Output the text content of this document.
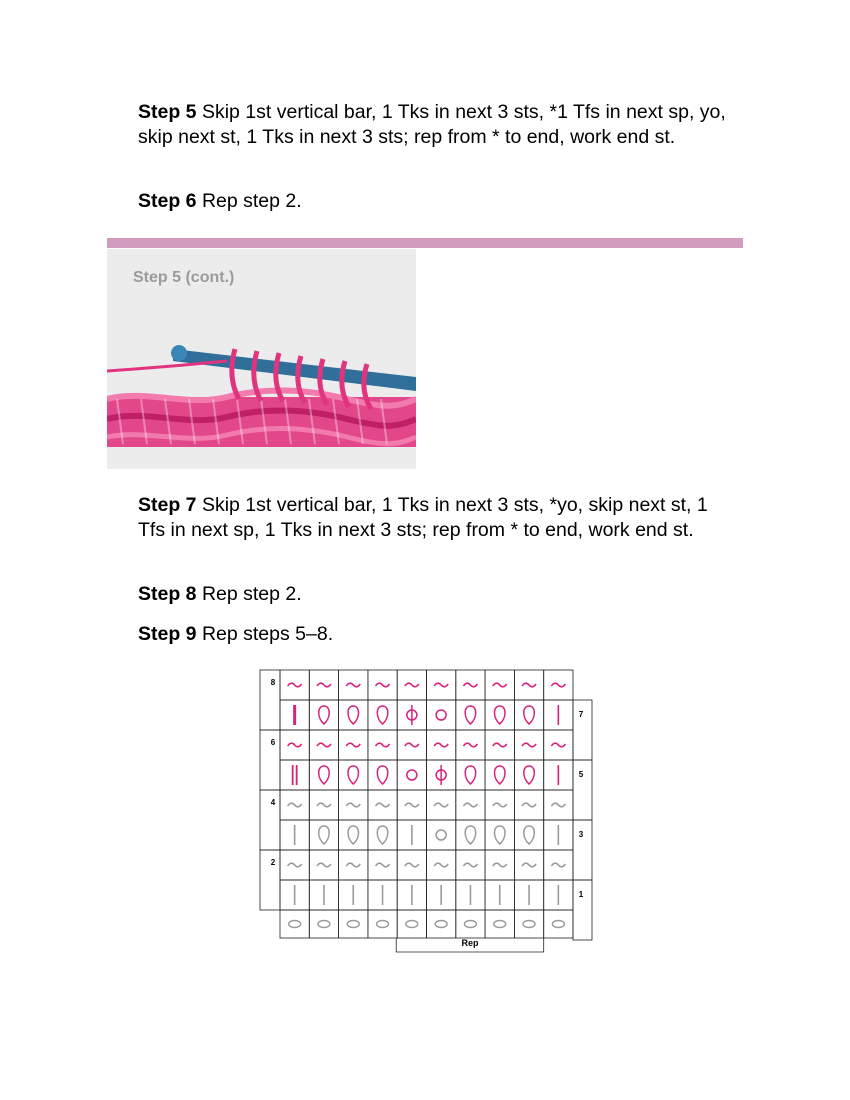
Step 5 Skip 1st vertical bar, 1 Tks in next 3 sts, *1 Tfs in next sp, yo, skip next st, 1 Tks in next 3 sts; rep from * to end, work end st.
Step 6 Rep step 2.
Step 5 (cont.)
Step 7 Skip 1st vertical bar, 1 Tks in next 3 sts, *yo, skip next st, 1 Tfs in next sp, 1 Tks in next 3 sts; rep from * to end, work end st.
Step 8 Rep step 2.
Step 9 Rep steps 5–8.
8
7
6
5
4
3
2
1
Rep
